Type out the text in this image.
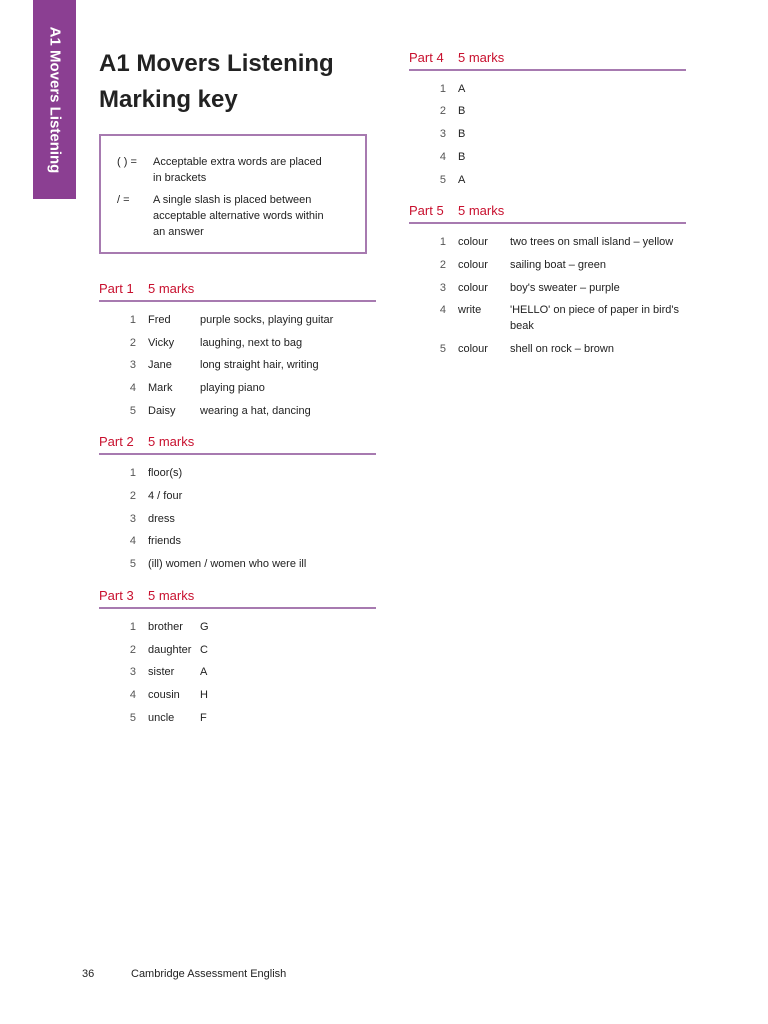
A1 Movers Listening A1 Movers Listening
Marking key
( ) =	Acceptable extra words are placed in brackets
/ =	A single slash is placed between acceptable alternative words within an answer
Part 1	5 marks
1 Fred	purple socks, playing guitar
2 Vicky laughing, next to bag
3 Jane	long straight hair, writing
4 Mark	playing piano
5 Daisy wearing a hat, dancing
Part 2	5 marks
1 floor(s)
2 4 / four
3 dress
4 friends
5 (ill) women / women who were ill
Part 3	5 marks
1 brother G
2 daughter C
3 sister A
4 cousin H
5 uncle F
Part 4	5 marks
1 A
2 B
3 B
4 B
5 A
Part 5	5 marks
1 colour two trees on small island – yellow
2 colour sailing boat – green
3 colour boy's sweater – purple
4 write	'HELLO' on piece of paper in bird's beak
5 colour shell on rock – brown
36	Cambridge Assessment English
